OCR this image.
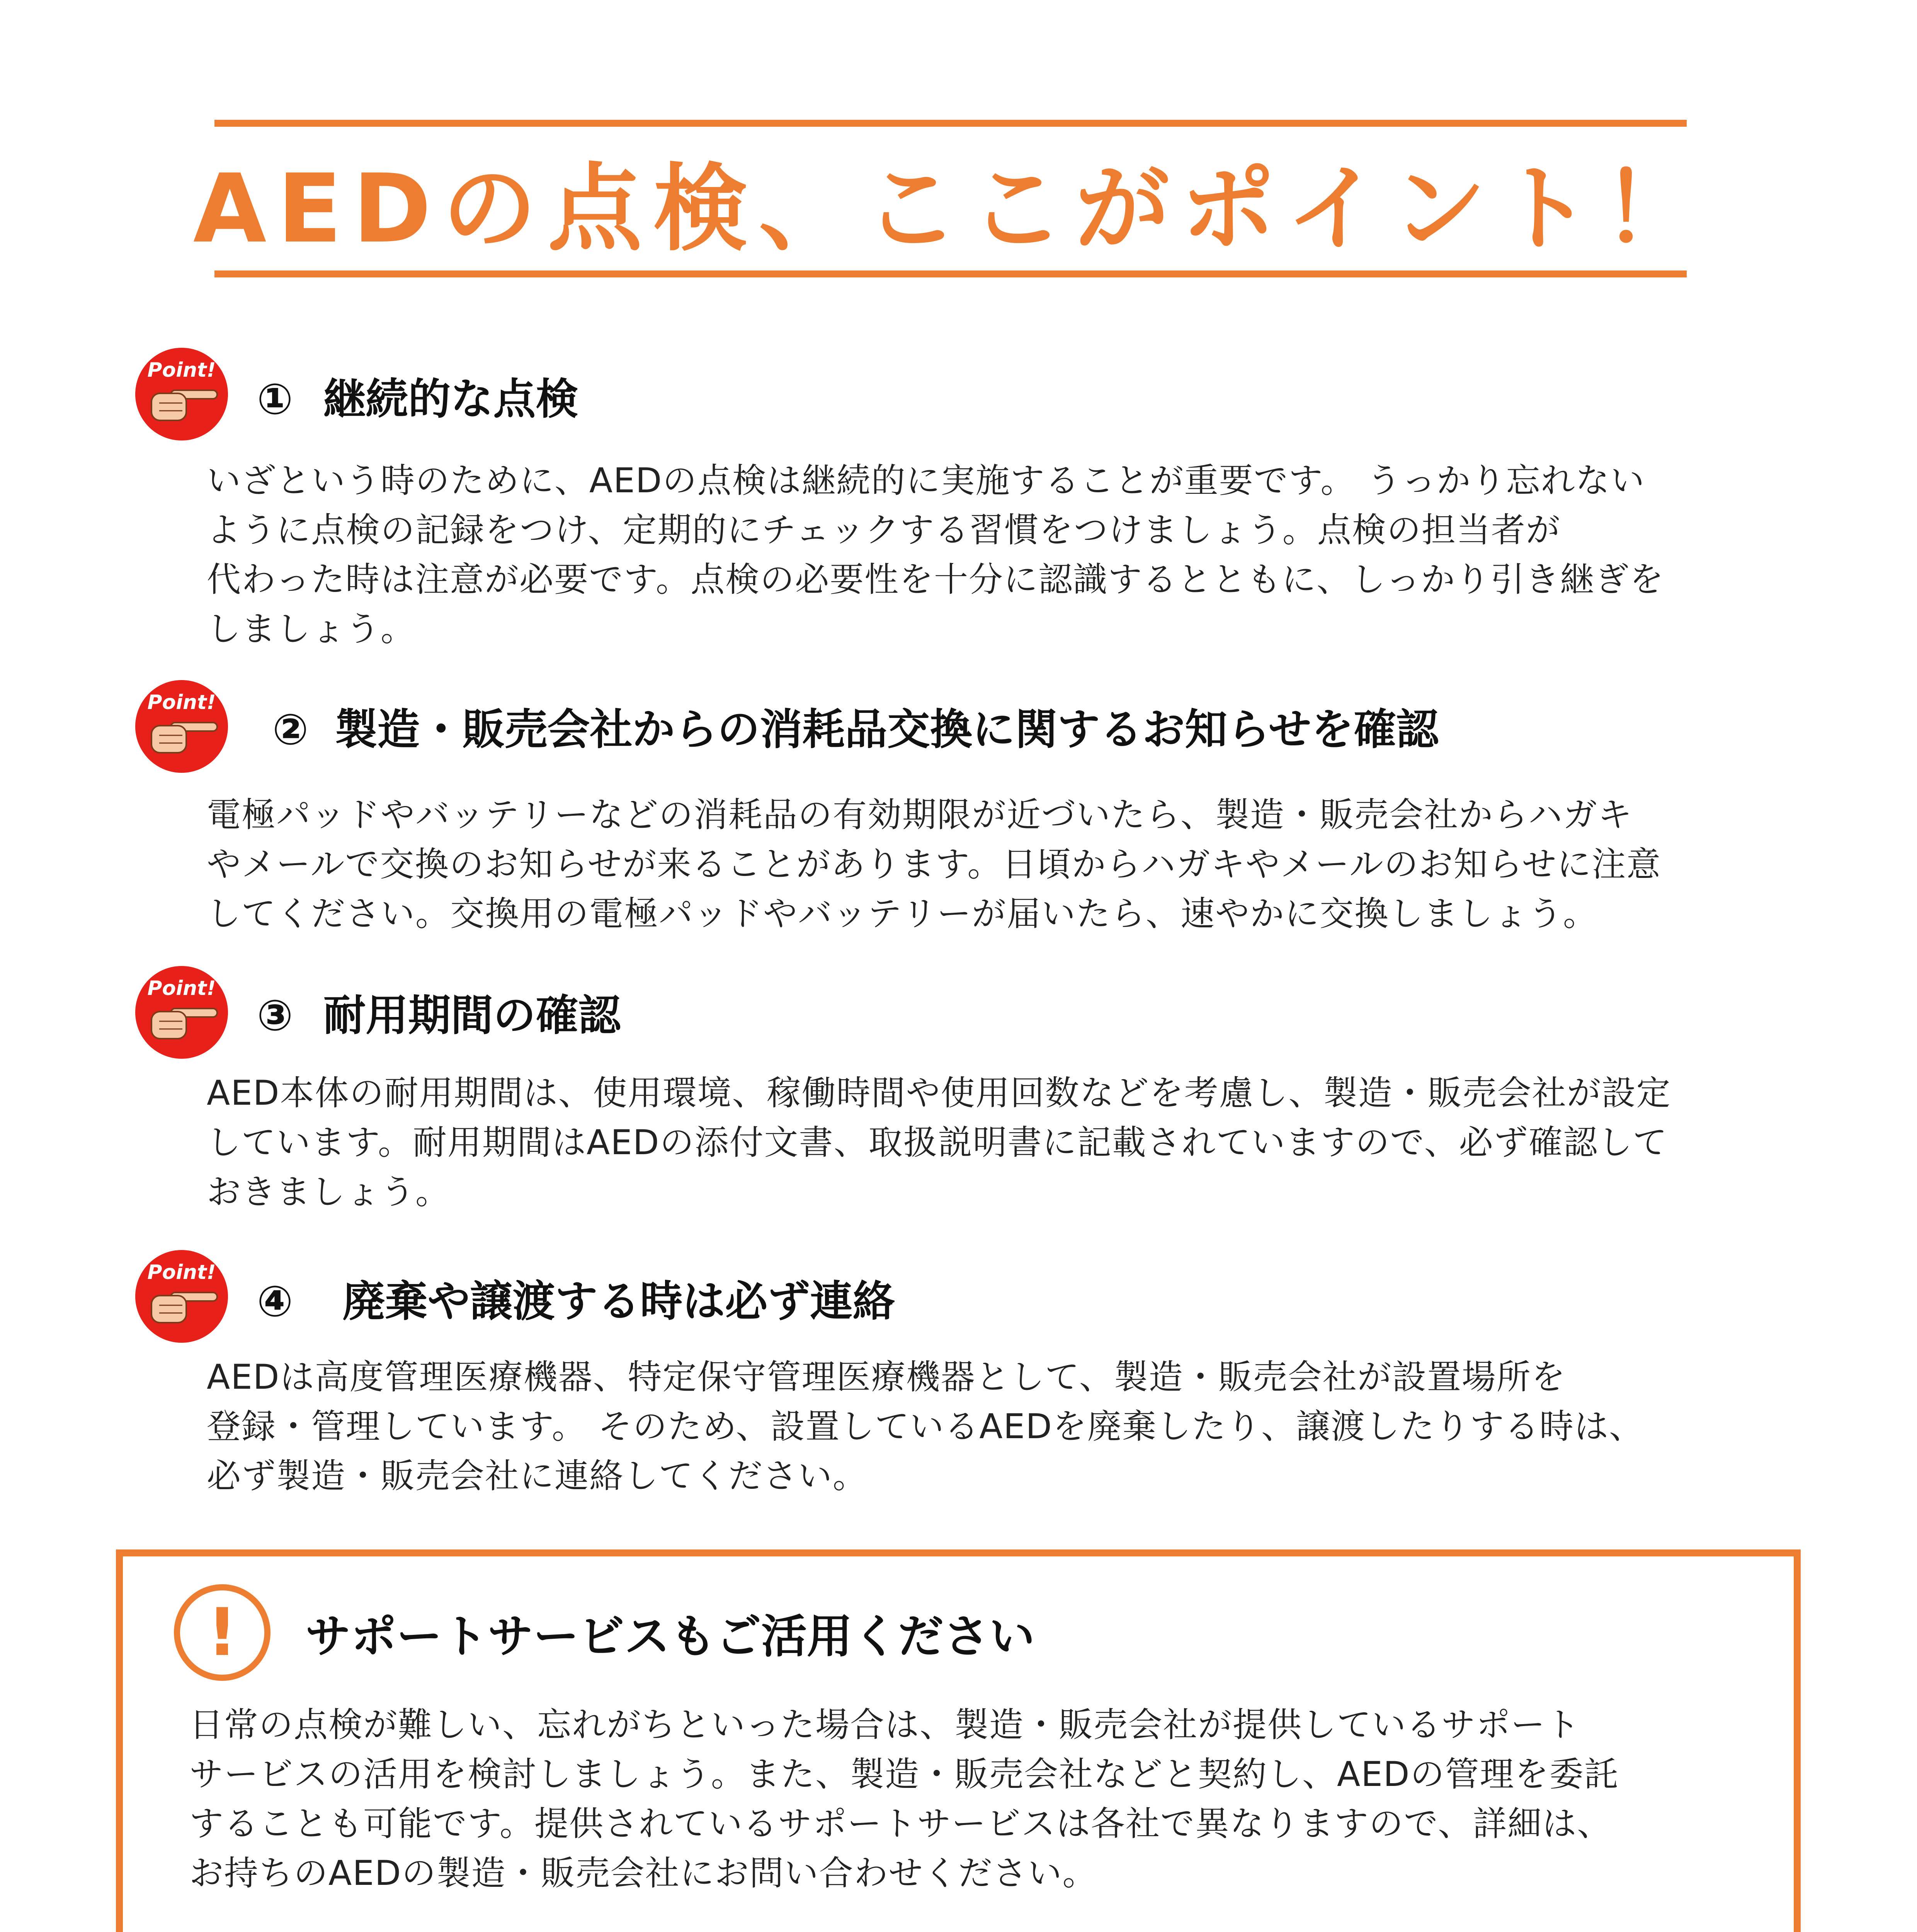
AEDの点検、ここがポイント！
Point!
① 継続的な点検
いざという時のために、AEDの点検は継続的に実施することが重要です。 うっかり忘れない
ように点検の記録をつけ、定期的にチェックする習慣をつけましょう。点検の担当者が
代わった時は注意が必要です。点検の必要性を十分に認識するとともに、しっかり引き継ぎを
しましょう。
Point!
② 製造・販売会社からの消耗品交換に関するお知らせを確認
電極パッドやバッテリーなどの消耗品の有効期限が近づいたら、製造・販売会社からハガキ
やメールで交換のお知らせが来ることがあります。日頃からハガキやメールのお知らせに注意
してください。交換用の電極パッドやバッテリーが届いたら、速やかに交換しましょう。
Point!
③ 耐用期間の確認
AED本体の耐用期間は、使用環境、稼働時間や使用回数などを考慮し、製造・販売会社が設定
しています。耐用期間はAEDの添付文書、取扱説明書に記載されていますので、必ず確認して
おきましょう。
Point!
④ 廃棄や譲渡する時は必ず連絡
AEDは高度管理医療機器、特定保守管理医療機器として、製造・販売会社が設置場所を
登録・管理しています。 そのため、設置しているAEDを廃棄したり、譲渡したりする時は、
必ず製造・販売会社に連絡してください。
!	サポートサービスもご活用ください
日常の点検が難しい、忘れがちといった場合は、製造・販売会社が提供しているサポート
サービスの活用を検討しましょう。また、製造・販売会社などと契約し、AEDの管理を委託
することも可能です。提供されているサポートサービスは各社で異なりますので、詳細は、
お持ちのAEDの製造・販売会社にお問い合わせください。
